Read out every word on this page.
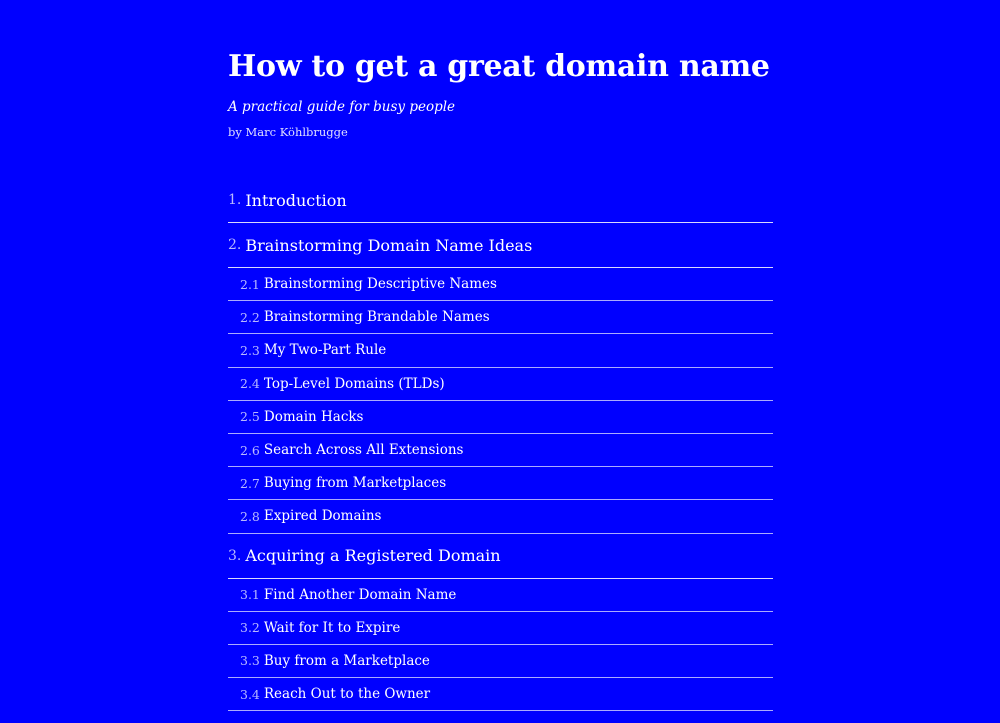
How to get a great domain name
A practical guide for busy people
by Marc Köhlbrugge
1. Introduction
2. Brainstorming Domain Name Ideas
2.1 Brainstorming Descriptive Names
2.2 Brainstorming Brandable Names
2.3 My Two-Part Rule
2.4 Top-Level Domains (TLDs)
2.5 Domain Hacks
2.6 Search Across All Extensions
2.7 Buying from Marketplaces
2.8 Expired Domains
3. Acquiring a Registered Domain
3.1 Find Another Domain Name
3.2 Wait for It to Expire
3.3 Buy from a Marketplace
3.4 Reach Out to the Owner
